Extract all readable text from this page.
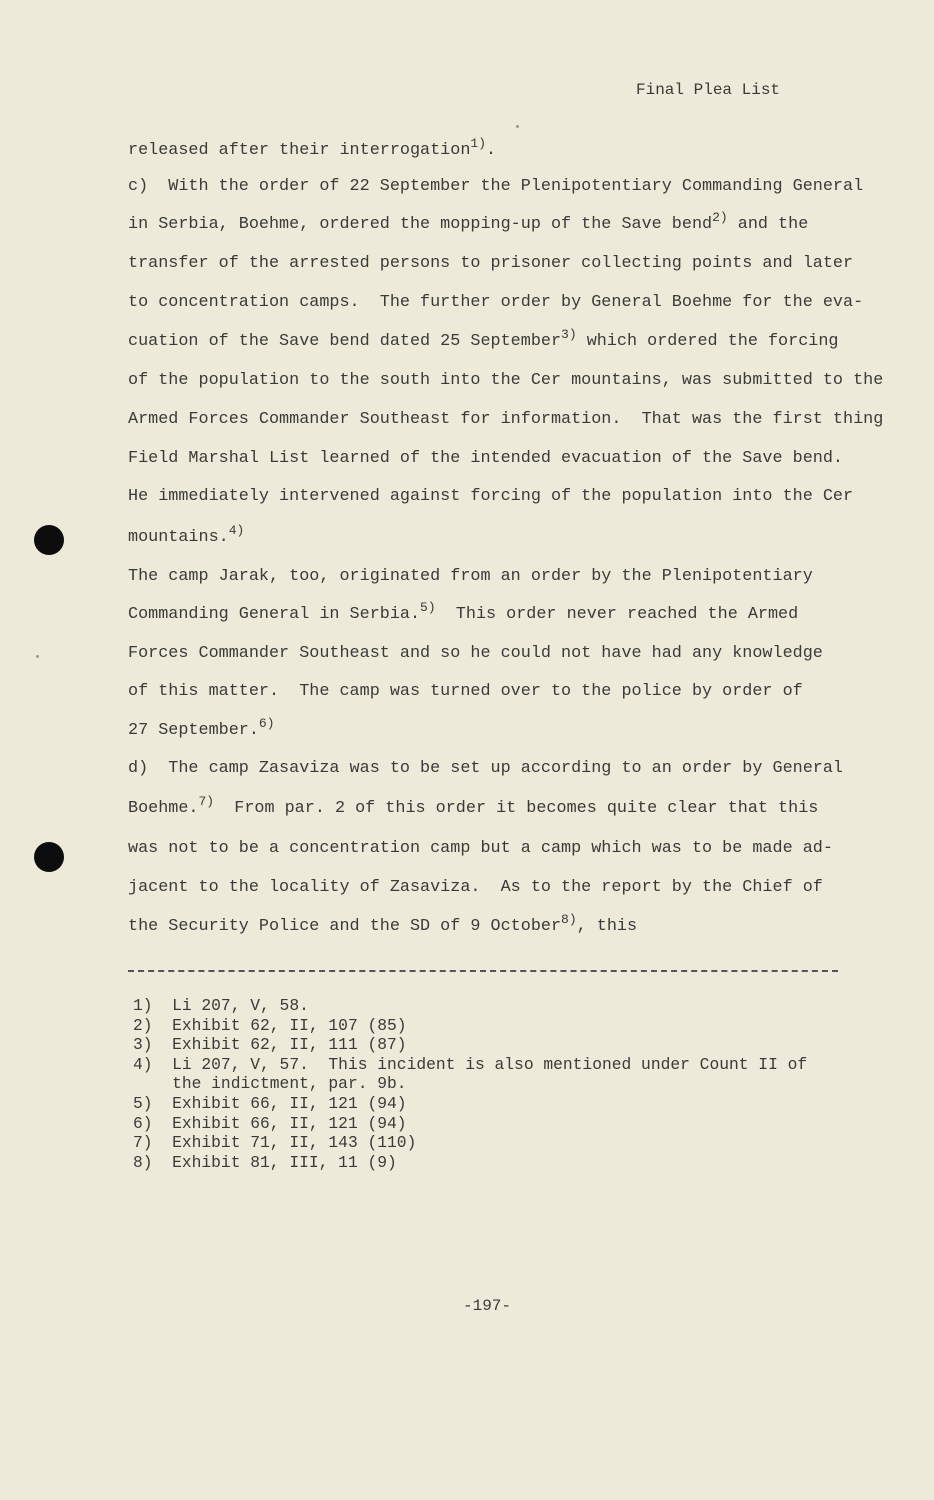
Final Plea List
released after their interrogation$^{1)}$.
c)  With the order of 22 September the Plenipotentiary Commanding General
in Serbia, Boehme, ordered the mopping-up of the Save bend$^{2)}$ and the
transfer of the arrested persons to prisoner collecting points and later
to concentration camps.  The further order by General Boehme for the eva-
cuation of the Save bend dated 25 September$^{3)}$ which ordered the forcing
of the population to the south into the Cer mountains, was submitted to the
Armed Forces Commander Southeast for information.  That was the first thing
Field Marshal List learned of the intended evacuation of the Save bend.
He immediately intervened against forcing of the population into the Cer
mountains.$^{4)}$
The camp Jarak, too, originated from an order by the Plenipotentiary
Commanding General in Serbia.$^{5)}$  This order never reached the Armed
Forces Commander Southeast and so he could not have had any knowledge
of this matter.  The camp was turned over to the police by order of
27 September.$^{6)}$
d)  The camp Zasaviza was to be set up according to an order by General
Boehme.$^{7)}$  From par. 2 of this order it becomes quite clear that this
was not to be a concentration camp but a camp which was to be made ad-
jacent to the locality of Zasaviza.  As to the report by the Chief of
the Security Police and the SD of 9 October$^{8)}$, this
1)  Li 207, V, 58.
2)  Exhibit 62, II, 107 (85)
3)  Exhibit 62, II, 111 (87)
4)  Li 207, V, 57.  This incident is also mentioned under Count II of
the indictment, par. 9b.
5)  Exhibit 66, II, 121 (94)
6)  Exhibit 66, II, 121 (94)
7)  Exhibit 71, II, 143 (110)
8)  Exhibit 81, III, 11 (9)
-197-
